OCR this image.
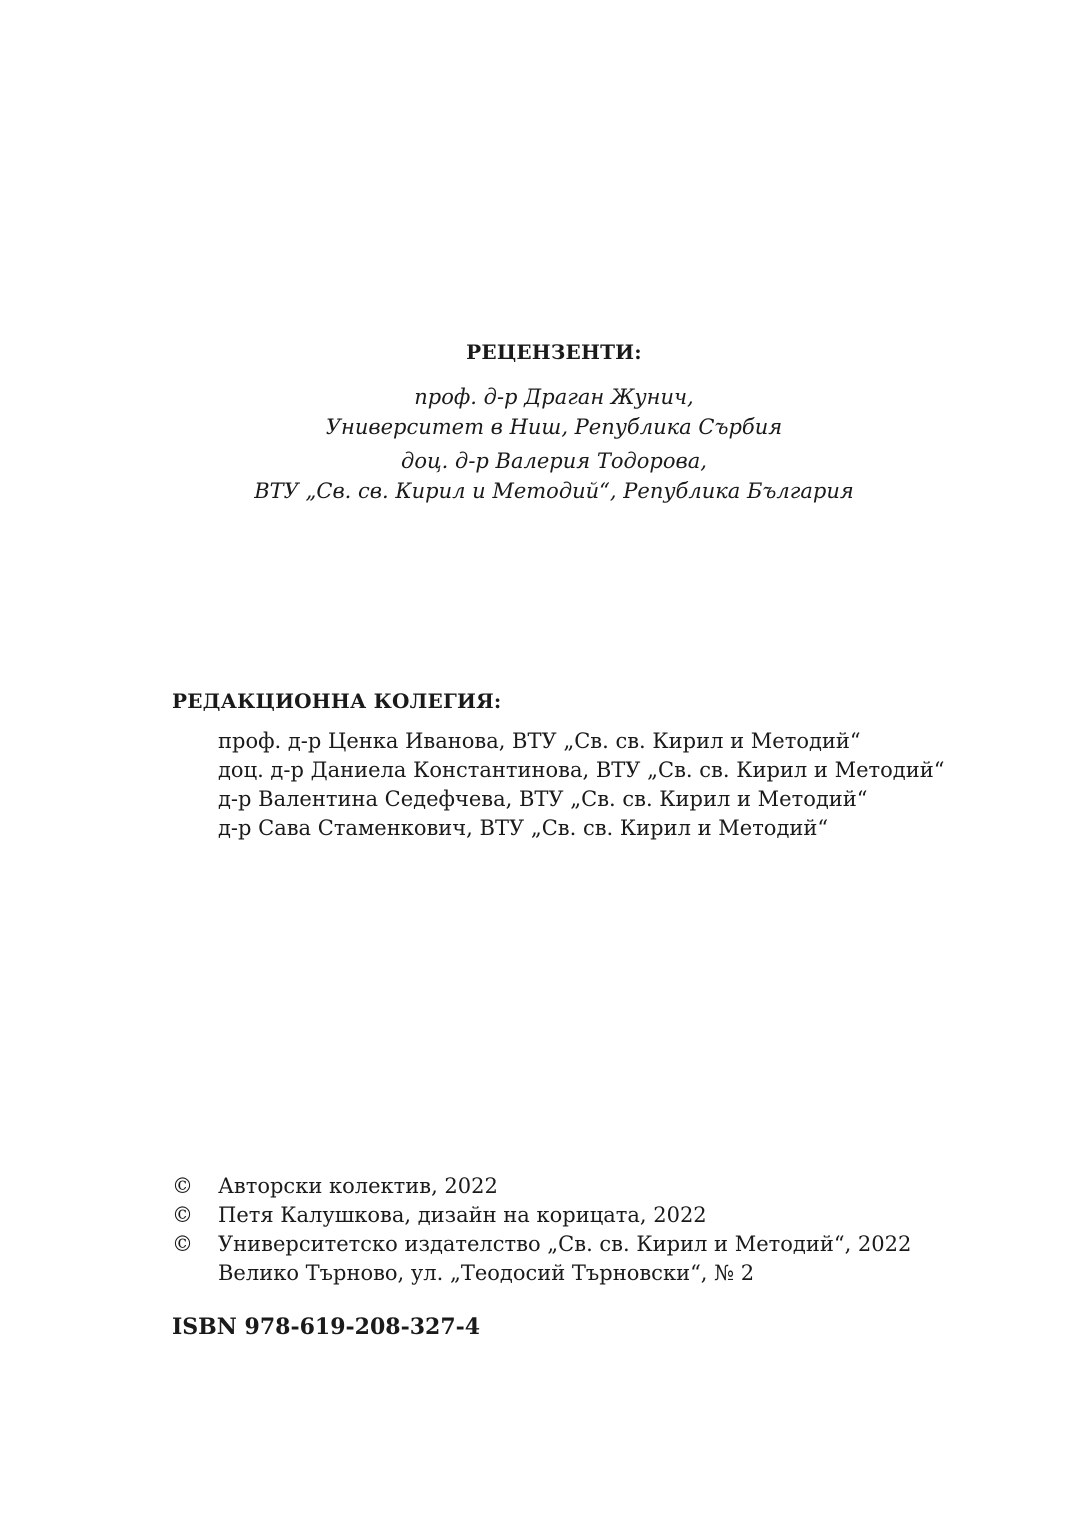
РЕЦЕНЗЕНТИ:
проф. д-р Драган Жунич,
Университет в Ниш, Република Сърбия
доц. д-р Валерия Тодорова,
ВТУ „Св. св. Кирил и Методий“, Република България
РЕДАКЦИОННА КОЛЕГИЯ:
проф. д-р Ценка Иванова, ВТУ „Св. св. Кирил и Методий“
доц. д-р Даниела Константинова, ВТУ „Св. св. Кирил и Методий“
д-р Валентина Седефчева, ВТУ „Св. св. Кирил и Методий“
д-р Сава Стаменкович, ВТУ „Св. св. Кирил и Методий“
©	Авторски колектив, 2022
©	Петя Калушкова, дизайн на корицата, 2022
©	Университетско издателство „Св. св. Кирил и Методий“, 2022
Велико Търново, ул. „Теодосий Търновски“, № 2
ISBN 978-619-208-327-4
